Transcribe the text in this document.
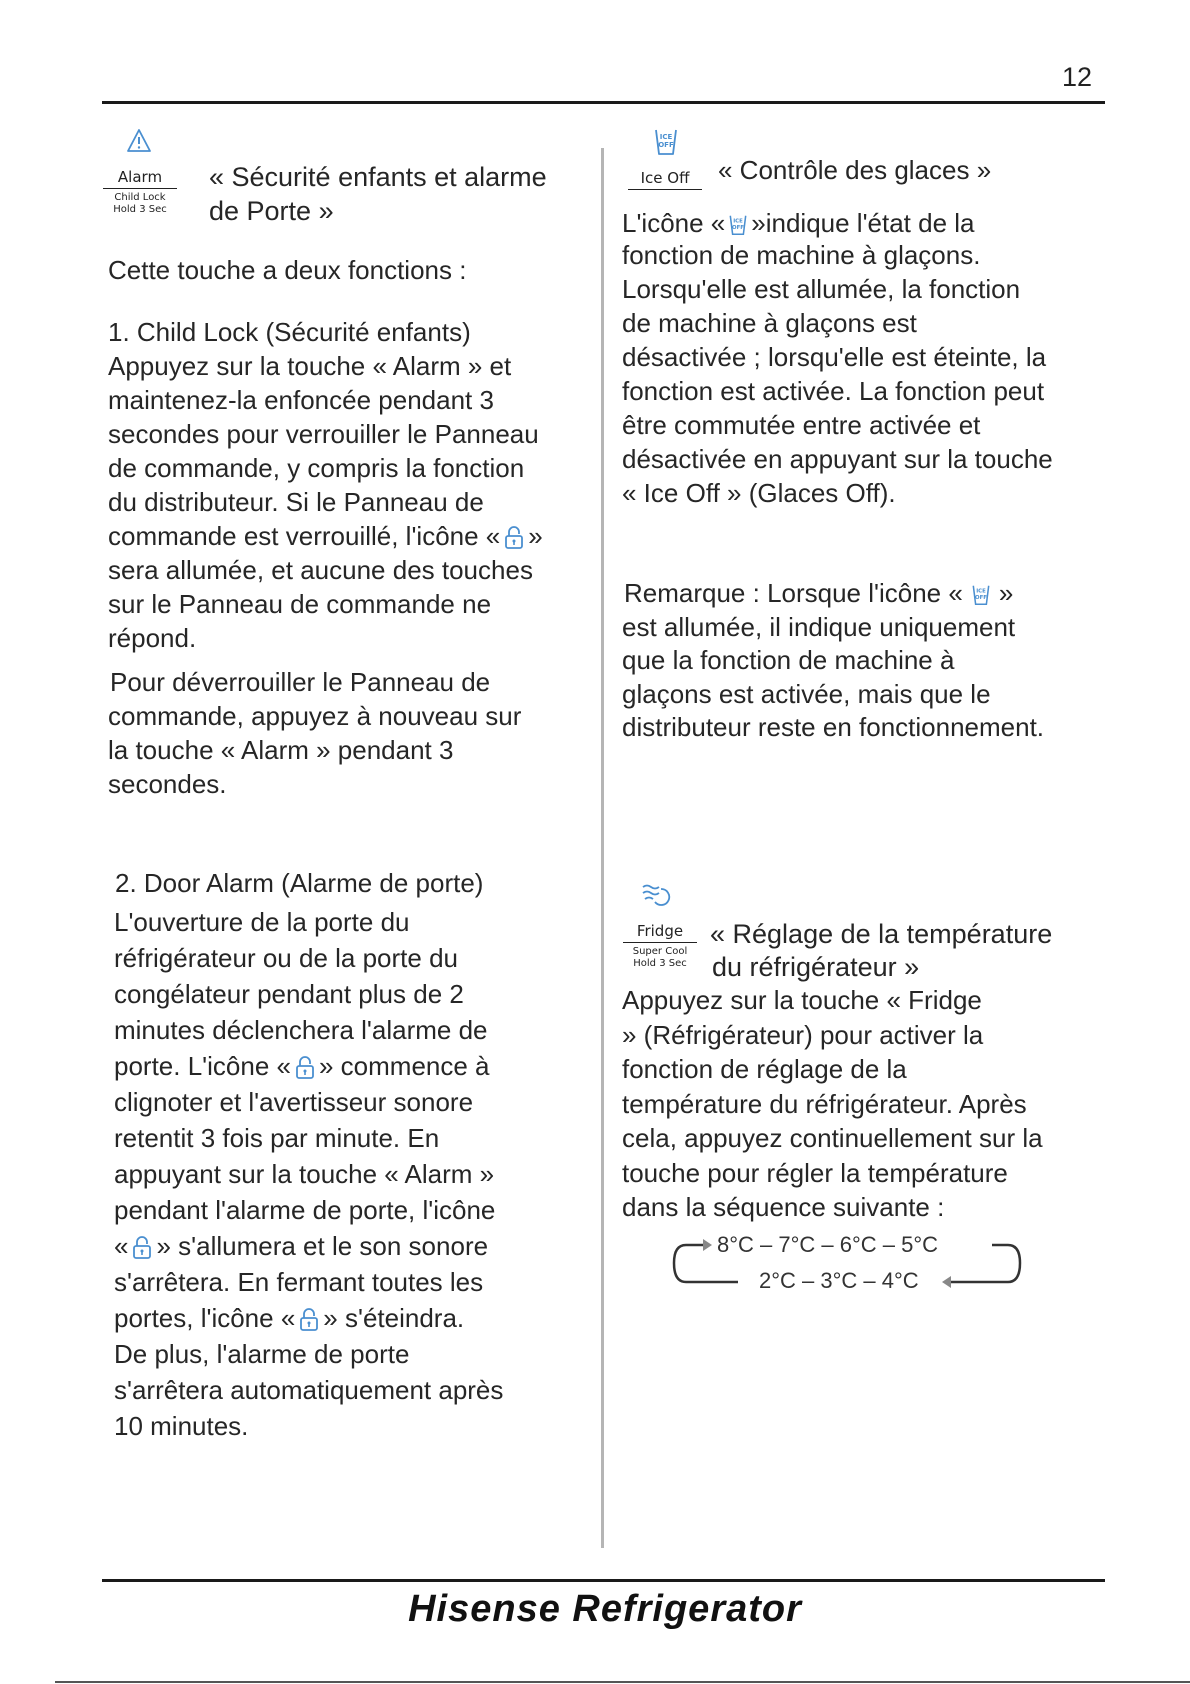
12
Alarm
Child Lock
Hold 3 Sec
« Sécurité enfants et alarme
de Porte »
Cette touche a deux fonctions :
1. Child Lock (Sécurité enfants)
Appuyez sur la touche « Alarm » et
maintenez-la enfoncée pendant 3
secondes pour verrouiller le Panneau
de commande, y compris la fonction
du distributeur. Si le Panneau de
commande est verrouillé, l'icône « »
sera allumée, et aucune des touches
sur le Panneau de commande ne
répond.
Pour déverrouiller le Panneau de
commande, appuyez à nouveau sur
la touche « Alarm » pendant 3
secondes.
2. Door Alarm (Alarme de porte)
L'ouverture de la porte du
réfrigérateur ou de la porte du
congélateur pendant plus de 2
minutes déclenchera l'alarme de
porte. L'icône « » commence à
clignoter et l'avertisseur sonore
retentit 3 fois par minute. En
appuyant sur la touche « Alarm »
pendant l'alarme de porte, l'icône
« » s'allumera et le son sonore
s'arrêtera. En fermant toutes les
portes, l'icône « » s'éteindra.
De plus, l'alarme de porte
s'arrêtera automatiquement après
10 minutes.
ICE
OFF
Ice Off	« Contrôle des glaces »
L'icône « ICE
OFF »indique l'état de la
fonction de machine à glaçons.
Lorsqu'elle est allumée, la fonction
de machine à glaçons est
désactivée ; lorsqu'elle est éteinte, la
fonction est activée. La fonction peut
être commutée entre activée et
désactivée en appuyant sur la touche
« Ice Off » (Glaces Off).
Remarque : Lorsque l'icône « ICE
OFF »
est allumée, il indique uniquement
que la fonction de machine à
glaçons est activée, mais que le
distributeur reste en fonctionnement.
Fridge
Super Cool
Hold 3 Sec
« Réglage de la température
du réfrigérateur »
Appuyez sur la touche « Fridge
» (Réfrigérateur) pour activer la
fonction de réglage de la
température du réfrigérateur. Après
cela, appuyez continuellement sur la
touche pour régler la température
dans la séquence suivante :
8°C – 7°C – 6°C – 5°C
2°C – 3°C – 4°C
Hisense Refrigerator
